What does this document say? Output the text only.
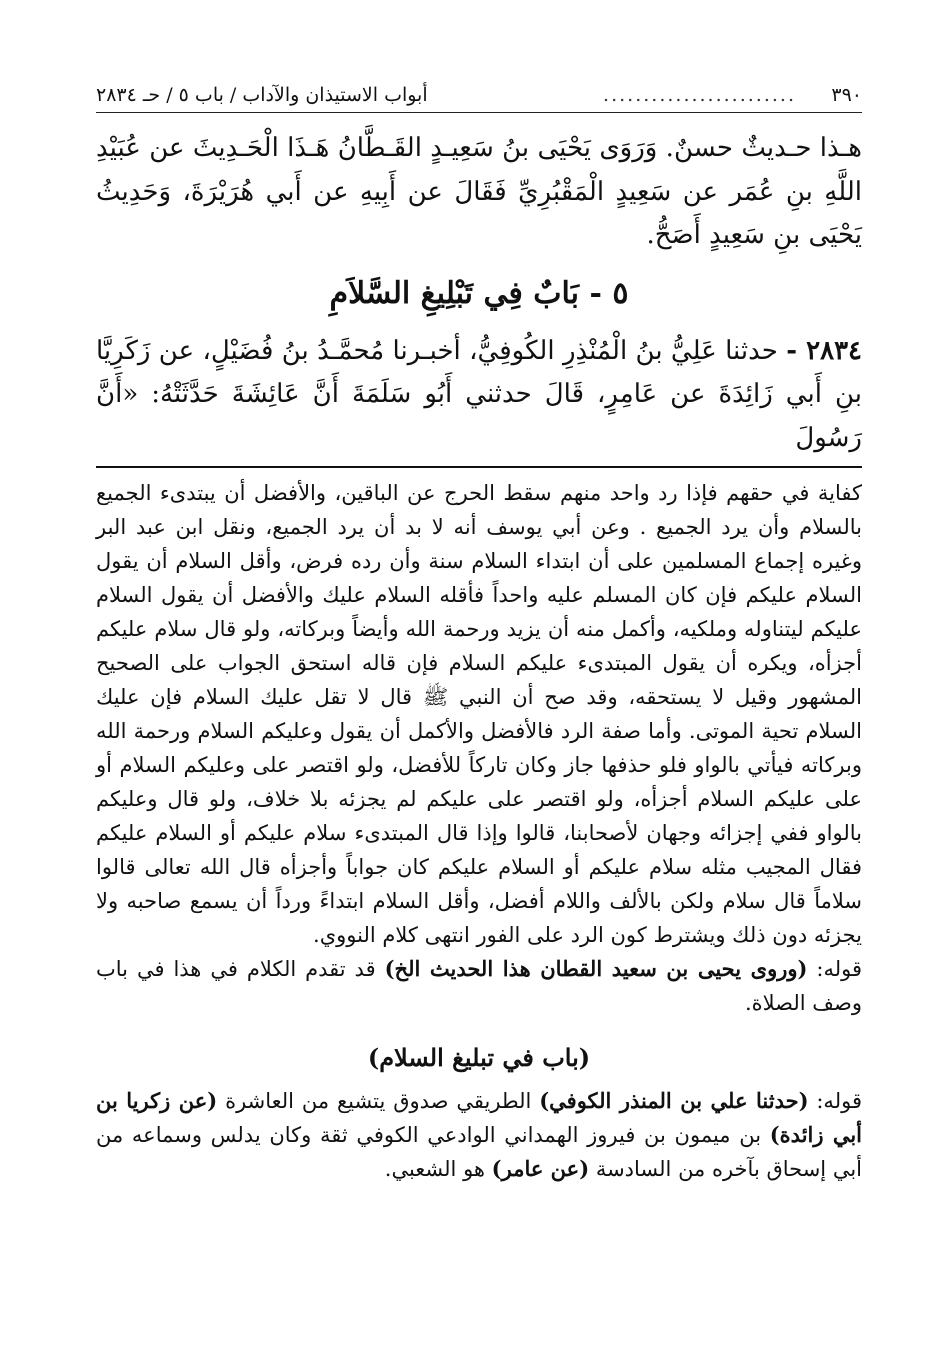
٣٩٠
........................
أبواب الاستيذان والآداب / باب ٥ / حـ ٢٨٣٤

هـذا حـديثٌ حسنٌ. وَرَوَى يَحْيَى بنُ سَعِيـدٍ القَـطَّانُ هَـذَا الْحَـدِيثَ عن عُبَيْدِ اللَّهِ بنِ عُمَر عن سَعِيدٍ الْمَقْبُرِيِّ فَقَالَ عن أَبِيهِ عن أَبي هُرَيْرَةَ، وَحَدِيثُ يَحْيَى بنِ سَعِيدٍ أَصَحُّ.

٥ - بَابٌ فِي تَبْلِيغِ السَّلاَمِ

٢٨٣٤ - حدثنا عَلِيُّ بنُ الْمُنْذِرِ الكُوفِيُّ، أخبـرنا مُحمَّـدُ بنُ فُضَيْلٍ، عن زَكَرِيَّا بنِ أَبي زَائِدَةَ عن عَامِرٍ، قَالَ حدثني أَبُو سَلَمَةَ أَنَّ عَائِشَةَ حَدَّثَتْهُ: «أَنَّ رَسُولَ

كفاية في حقهم فإذا رد واحد منهم سقط الحرج عن الباقين، والأفضل أن يبتدىء الجميع بالسلام وأن يرد الجميع . وعن أبي يوسف أنه لا بد أن يرد الجميع، ونقل ابن عبد البر وغيره إجماع المسلمين على أن ابتداء السلام سنة وأن رده فرض، وأقل السلام أن يقول السلام عليكم فإن كان المسلم عليه واحداً فأقله السلام عليك والأفضل أن يقول السلام عليكم ليتناوله وملكيه، وأكمل منه أن يزيد ورحمة الله وأيضاً وبركاته، ولو قال سلام عليكم أجزأه، ويكره أن يقول المبتدىء عليكم السلام فإن قاله استحق الجواب على الصحيح المشهور وقيل لا يستحقه، وقد صح أن النبي ﷺ قال لا تقل عليك السلام فإن عليك السلام تحية الموتى. وأما صفة الرد فالأفضل والأكمل أن يقول وعليكم السلام ورحمة الله وبركاته فيأتي بالواو فلو حذفها جاز وكان تاركاً للأفضل، ولو اقتصر على وعليكم السلام أو على عليكم السلام أجزأه، ولو اقتصر على عليكم لم يجزئه بلا خلاف، ولو قال وعليكم بالواو ففي إجزائه وجهان لأصحابنا، قالوا وإذا قال المبتدىء سلام عليكم أو السلام عليكم فقال المجيب مثله سلام عليكم أو السلام عليكم كان جواباً وأجزأه قال الله تعالى قالوا سلاماً قال سلام ولكن بالألف واللام أفضل، وأقل السلام ابتداءً ورداً أن يسمع صاحبه ولا يجزئه دون ذلك ويشترط كون الرد على الفور انتهى كلام النووي.

قوله: (وروى يحيى بن سعيد القطان هذا الحديث الخ) قد تقدم الكلام في هذا في باب وصف الصلاة.

(باب في تبليغ السلام)

قوله: (حدثنا علي بن المنذر الكوفي) الطريقي صدوق يتشيع من العاشرة (عن زكريا بن أبي زائدة) بن ميمون بن فيروز الهمداني الوادعي الكوفي ثقة وكان يدلس وسماعه من أبي إسحاق بآخره من السادسة (عن عامر) هو الشعبي.
